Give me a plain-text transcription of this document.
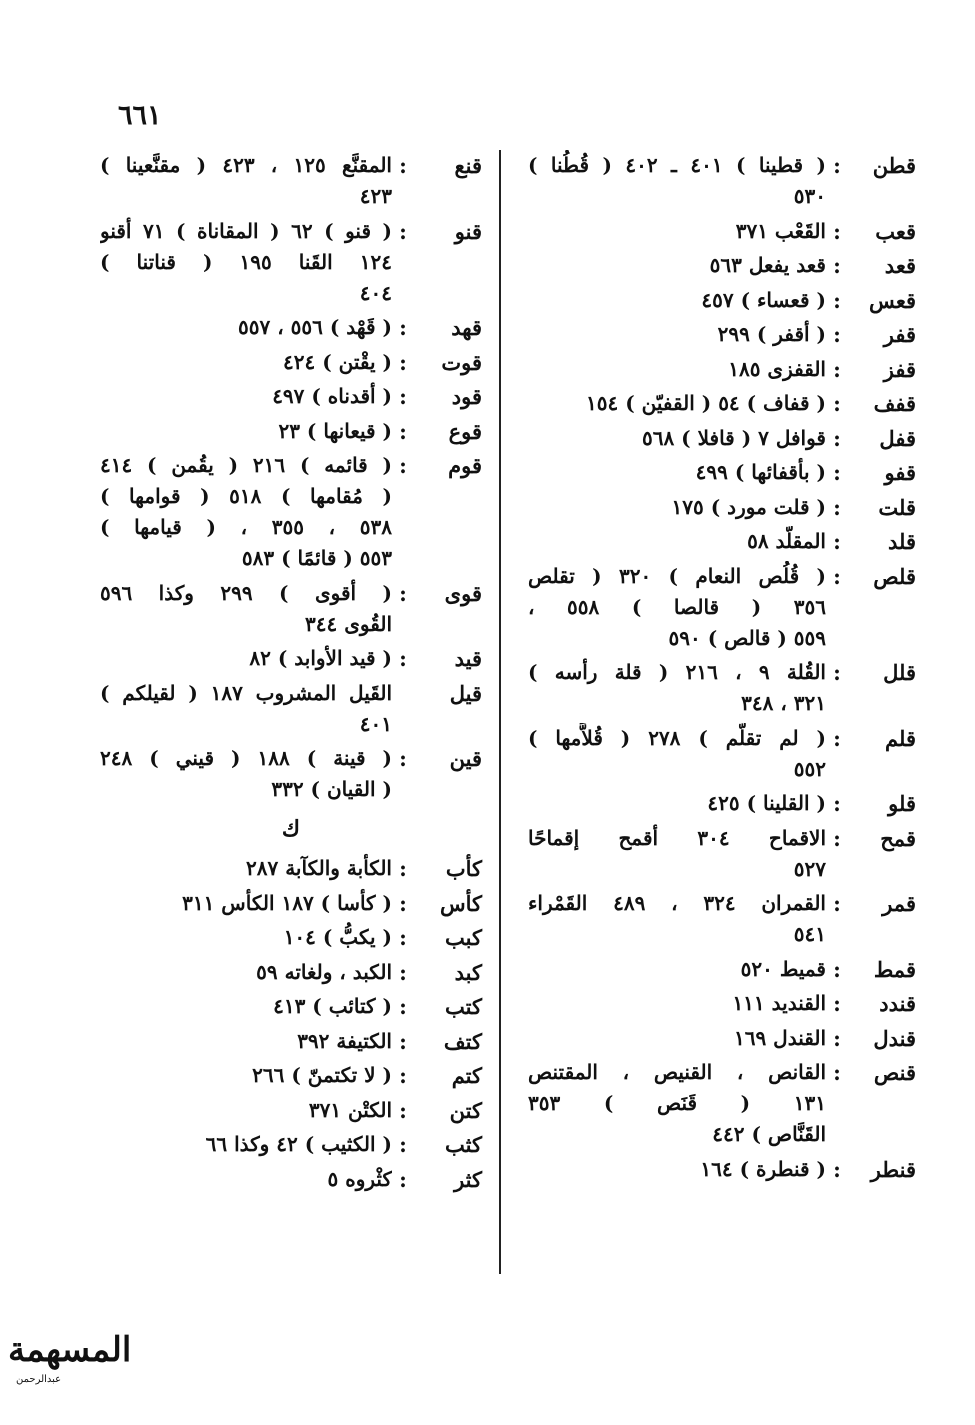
٦٦١
قطن
:
( قطينا ) ٤٠١ ـ ٤٠٢ ( قُطُنا )
٥٣٠
قعب
:
القَعْب ٣٧١
قعد
:
قعد يفعل ٥٦٣
قعس
:
( قعساء ) ٤٥٧
قفر
:
( أقفر ) ٢٩٩
قفز
:
القفزى ١٨٥
قفف
:
( قفاف ) ٥٤ ( القفيّن ) ١٥٤
قفل
:
قوافل ٧ ( قافلا ) ٥٦٨
قفو
:
( بأقفائها ) ٤٩٩
قلت
:
( قلت مورد ) ١٧٥
قلد
:
المقلَّد ٥٨
قلص
:
( قُلُص النعام ) ٣٢٠ ( تقلص
٣٥٦ ( قالصا ) ٥٥٨ ،
٥٥٩ ( قالص ) ٥٩٠
قلل
:
القُلة ٩ ، ٢١٦ ( قلة رأسه )
٣٢١ ، ٣٤٨
قلم
:
( لم تقلَّم ) ٢٧٨ ( قُلاَّمها )
٥٥٢
قلو
:
( القلينا ) ٤٢٥
قمح
:
الاقماح ٣٠٤ أقمح إقماحًا
٥٢٧
قمر
:
القمران ٣٢٤ ، ٤٨٩ القَمْراء
٥٤١
قمط
:
قميط ٥٢٠
قندد
:
القنديد ١١١
قندل
:
القندل ١٦٩
قنص
:
القانص ، القنيص ، المقتنص
١٣١ ( قَنَص ) ٣٥٣
القَنَّاص ) ٤٤٢
قنطر
:
( قنطرة ) ١٦٤
قنع
:
المقنَّع ١٢٥ ، ٤٢٣ ( مقنَّعينا )
٤٢٣
قنو
:
( قنو ) ٦٢ ( المقاناة ) ٧١ أقنو
١٢٤ القَنا ١٩٥ ( قناتنا )
٤٠٤
قهد
:
( قَهْد ) ٥٥٦ ، ٥٥٧
قوت
:
( يقْتن ) ٤٢٤
قود
:
( أقدناه ) ٤٩٧
قوع
:
( قيعانها ) ٢٣
قوم
:
( قائمه ) ٢١٦ ( يقُمن ) ٤١٤
( مُقامها ) ٥١٨ ( قوامها )
٥٣٨ ، ٣٥٥ ، ( قيامها )
٥٥٣ ( قائمًا ) ٥٨٣
قوى
:
( أقوى ) ٢٩٩ وكذا ٥٩٦
القُوى ٣٤٤
قيد
:
( قيد الأوابد ) ٨٢
قيل
القَيل المشروب ١٨٧ ( لقيلكم )
٤٠١
قين
:
( قينة ) ١٨٨ ( قيني ) ٢٤٨
( القيان ) ٣٣٢
ك
كأب
:
الكأبة والكآبة ٢٨٧
كأس
:
( كأسا ) ١٨٧ الكأس ٣١١
كبب
:
( يكبُّ ) ١٠٤
كبد
:
الكبد ، ولغاته ٥٩
كتب
:
( كتائب ) ٤١٣
كتف
:
الكتيفة ٣٩٢
كتم
:
( لا تكتمنّ ) ٢٦٦
كتن
:
الكتْن ٣٧١
كثب
:
( الكثيب ) ٤٢ وكذا ٦٦
كثر
:
كثْروه ٥
المسهمة
عبدالرحمن
